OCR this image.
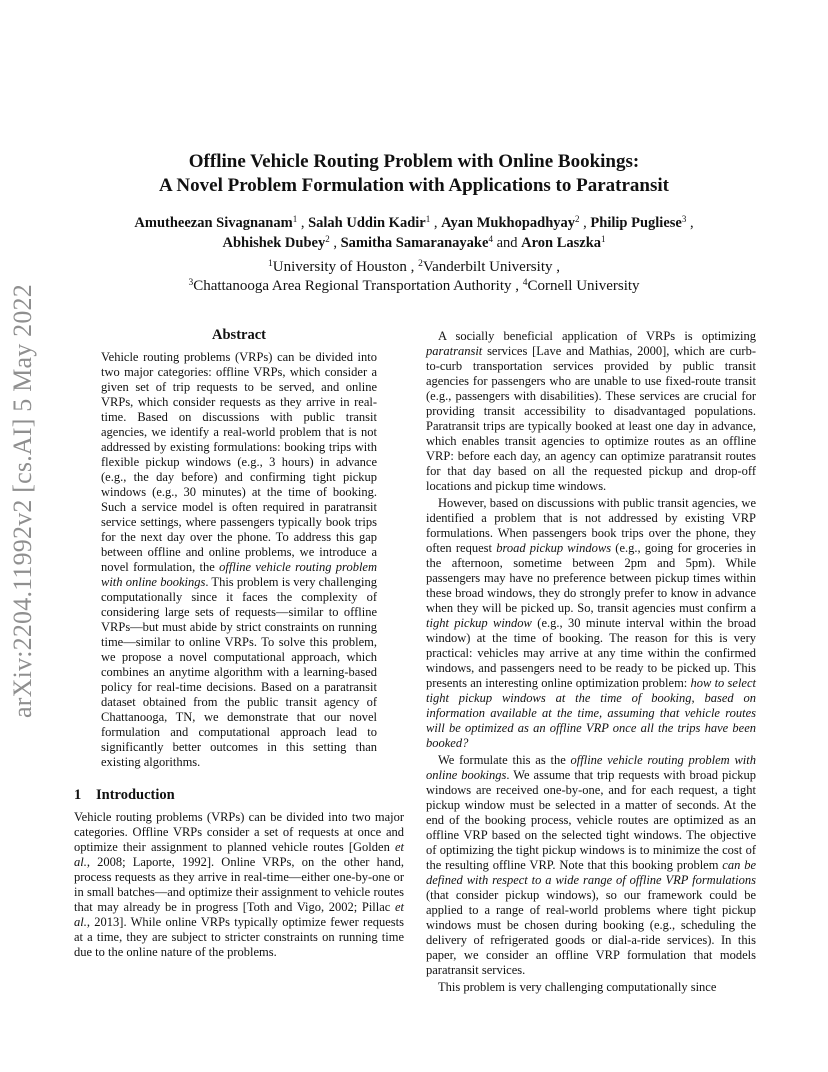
arXiv:2204.11992v2 [cs.AI] 5 May 2022
Offline Vehicle Routing Problem with Online Bookings:
A Novel Problem Formulation with Applications to Paratransit
Amutheezan Sivagnanam$^1$ , Salah Uddin Kadir$^1$ , Ayan Mukhopadhyay$^2$ , Philip Pugliese$^3$ ,
Abhishek Dubey$^2$ , Samitha Samaranayake$^4$ and Aron Laszka$^1$
$^1$University of Houston , $^2$Vanderbilt University ,
$^3$Chattanooga Area Regional Transportation Authority , $^4$Cornell University
Abstract

Vehicle routing problems (VRPs) can be divided into two major categories: offline VRPs, which consider a given set of trip requests to be served, and online VRPs, which consider requests as they arrive in real-time. Based on discussions with public transit agencies, we identify a real-world problem that is not addressed by existing formulations: booking trips with flexible pickup windows (e.g., 3 hours) in advance (e.g., the day before) and confirming tight pickup windows (e.g., 30 minutes) at the time of booking. Such a service model is often required in paratransit service settings, where passengers typically book trips for the next day over the phone. To address this gap between offline and online problems, we introduce a novel formulation, the offline vehicle routing problem with online bookings. This problem is very challenging computationally since it faces the complexity of considering large sets of requests—similar to offline VRPs—but must abide by strict constraints on running time—similar to online VRPs. To solve this problem, we propose a novel computational approach, which combines an anytime algorithm with a learning-based policy for real-time decisions. Based on a paratransit dataset obtained from the public transit agency of Chattanooga, TN, we demonstrate that our novel formulation and computational approach lead to significantly better outcomes in this setting than existing algorithms.

1 Introduction

Vehicle routing problems (VRPs) can be divided into two major categories. Offline VRPs consider a set of requests at once and optimize their assignment to planned vehicle routes [Golden et al., 2008; Laporte, 1992]. Online VRPs, on the other hand, process requests as they arrive in real-time—either one-by-one or in small batches—and optimize their assignment to vehicle routes that may already be in progress [Toth and Vigo, 2002; Pillac et al., 2013]. While online VRPs typically optimize fewer requests at a time, they are subject to stricter constraints on running time due to the online nature of the problems.

A socially beneficial application of VRPs is optimizing paratransit services [Lave and Mathias, 2000], which are curb-to-curb transportation services provided by public transit agencies for passengers who are unable to use fixed-route transit (e.g., passengers with disabilities). These services are crucial for providing transit accessibility to disadvantaged populations. Paratransit trips are typically booked at least one day in advance, which enables transit agencies to optimize routes as an offline VRP: before each day, an agency can optimize paratransit routes for that day based on all the requested pickup and drop-off locations and pickup time windows.

However, based on discussions with public transit agencies, we identified a problem that is not addressed by existing VRP formulations. When passengers book trips over the phone, they often request broad pickup windows (e.g., going for groceries in the afternoon, sometime between 2pm and 5pm). While passengers may have no preference between pickup times within these broad windows, they do strongly prefer to know in advance when they will be picked up. So, transit agencies must confirm a tight pickup window (e.g., 30 minute interval within the broad window) at the time of booking. The reason for this is very practical: vehicles may arrive at any time within the confirmed windows, and passengers need to be ready to be picked up. This presents an interesting online optimization problem: how to select tight pickup windows at the time of booking, based on information available at the time, assuming that vehicle routes will be optimized as an offline VRP once all the trips have been booked?

We formulate this as the offline vehicle routing problem with online bookings. We assume that trip requests with broad pickup windows are received one-by-one, and for each request, a tight pickup window must be selected in a matter of seconds. At the end of the booking process, vehicle routes are optimized as an offline VRP based on the selected tight windows. The objective of optimizing the tight pickup windows is to minimize the cost of the resulting offline VRP. Note that this booking problem can be defined with respect to a wide range of offline VRP formulations (that consider pickup windows), so our framework could be applied to a range of real-world problems where tight pickup windows must be chosen during booking (e.g., scheduling the delivery of refrigerated goods or dial-a-ride services). In this paper, we consider an offline VRP formulation that models paratransit services.

This problem is very challenging computationally since
